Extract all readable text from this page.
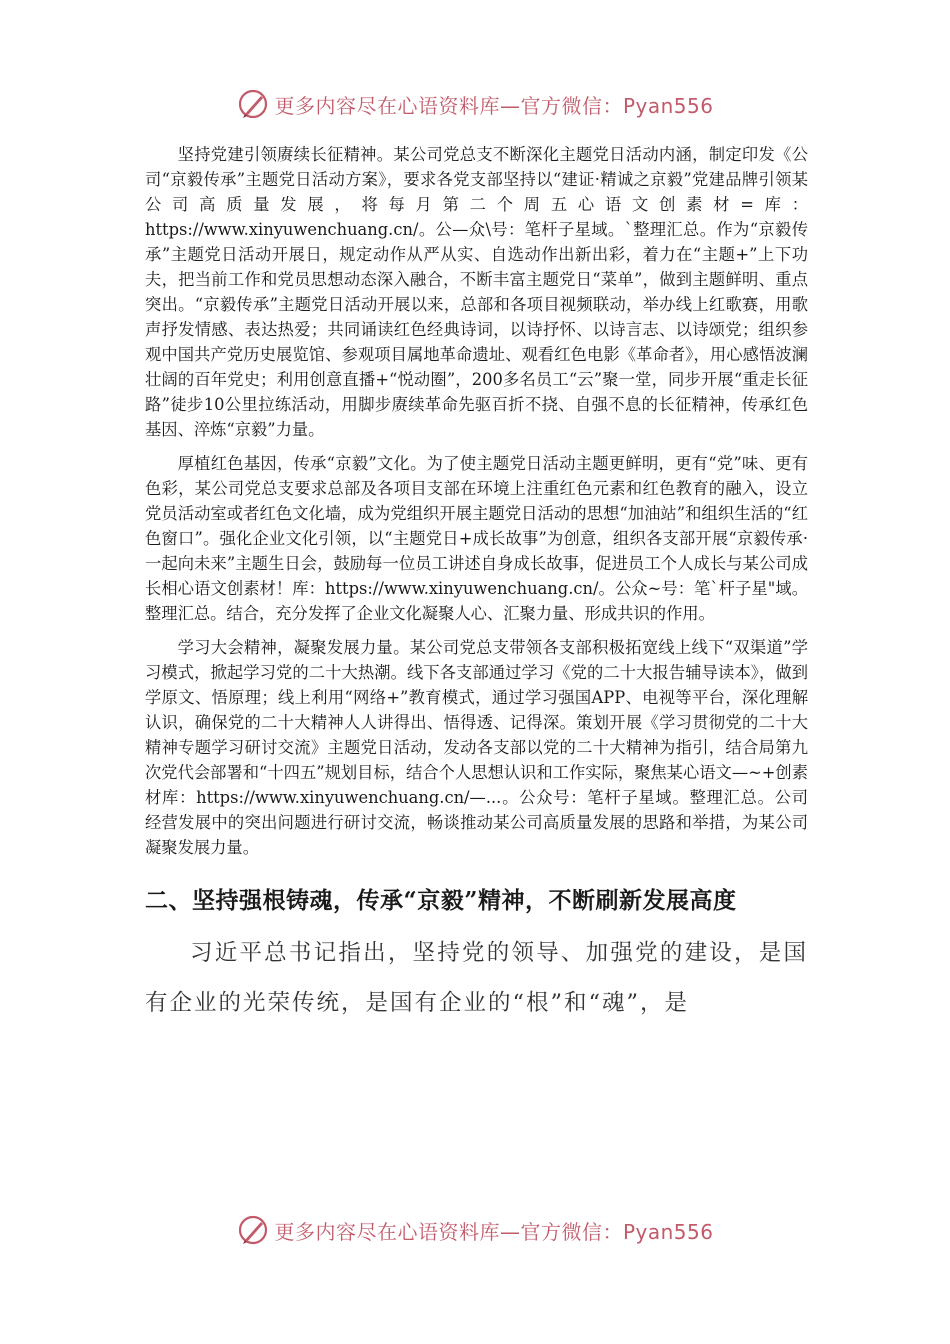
更多内容尽在心语资料库—官方微信：Pyan556

坚持党建引领赓续长征精神。某公司党总支不断深化主题党日活动内涵，制定印发《公司“京毅传承”主题党日活动方案》，要求各党支部坚持以“建证·精诚之京毅”党建品牌引领某公司高质量发展，将每月第二个周五心语文创素材=库：https://www.xinyuwenchuang.cn/。公—众\号：笔杆子星域。`整理汇总。作为“京毅传承”主题党日活动开展日，规定动作从严从实、自选动作出新出彩，着力在“主题+”上下功夫，把当前工作和党员思想动态深入融合，不断丰富主题党日“菜单”，做到主题鲜明、重点突出。“京毅传承”主题党日活动开展以来，总部和各项目视频联动，举办线上红歌赛，用歌声抒发情感、表达热爱；共同诵读红色经典诗词，以诗抒怀、以诗言志、以诗颂党；组织参观中国共产党历史展览馆、参观项目属地革命遗址、观看红色电影《革命者》，用心感悟波澜壮阔的百年党史；利用创意直播+“悦动圈”，200多名员工“云”聚一堂，同步开展“重走长征路”徒步10公里拉练活动，用脚步赓续革命先驱百折不挠、自强不息的长征精神，传承红色基因、淬炼“京毅”力量。

厚植红色基因，传承“京毅”文化。为了使主题党日活动主题更鲜明，更有“党”味、更有色彩，某公司党总支要求总部及各项目支部在环境上注重红色元素和红色教育的融入，设立党员活动室或者红色文化墙，成为党组织开展主题党日活动的思想“加油站”和组织生活的“红色窗口”。强化企业文化引领，以“主题党日+成长故事”为创意，组织各支部开展“京毅传承·一起向未来”主题生日会，鼓励每一位员工讲述自身成长故事，促进员工个人成长与某公司成长相心语文创素材！库：https://www.xinyuwenchuang.cn/。公众~号：笔`杆子星"域。整理汇总。结合，充分发挥了企业文化凝聚人心、汇聚力量、形成共识的作用。

学习大会精神，凝聚发展力量。某公司党总支带领各支部积极拓宽线上线下“双渠道”学习模式，掀起学习党的二十大热潮。线下各支部通过学习《党的二十大报告辅导读本》，做到学原文、悟原理；线上利用“网络+”教育模式，通过学习强国APP、电视等平台，深化理解认识，确保党的二十大精神人人讲得出、悟得透、记得深。策划开展《学习贯彻党的二十大精神专题学习研讨交流》主题党日活动，发动各支部以党的二十大精神为指引，结合局第九次党代会部署和“十四五”规划目标，结合个人思想认识和工作实际，聚焦某心语文—~+创素材库：https://www.xinyuwenchuang.cn/—...。公众号：笔杆子星域。整理汇总。公司经营发展中的突出问题进行研讨交流，畅谈推动某公司高质量发展的思路和举措，为某公司凝聚发展力量。

二、坚持强根铸魂，传承“京毅”精神，不断刷新发展高度

习近平总书记指出，坚持党的领导、加强党的建设，是国有企业的光荣传统，是国有企业的“根”和“魂”，是

更多内容尽在心语资料库—官方微信：Pyan556
